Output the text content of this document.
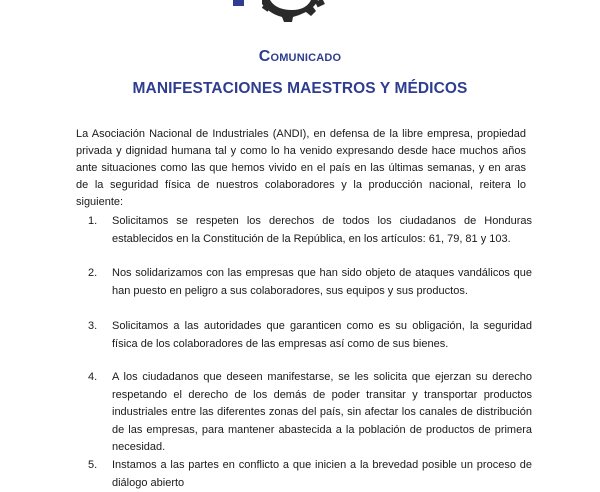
Comunicado
MANIFESTACIONES MAESTROS Y MÉDICOS
La Asociación Nacional de Industriales (ANDI), en defensa de la libre empresa, propiedad privada y dignidad humana tal y como lo ha venido expresando desde hace muchos años ante situaciones como las que hemos vivido en el país en las últimas semanas, y en aras de la seguridad física de nuestros colaboradores y la producción nacional, reitera lo siguiente:
1. Solicitamos se respeten los derechos de todos los ciudadanos de Honduras establecidos en la Constitución de la República, en los artículos: 61, 79, 81 y 103.
2. Nos solidarizamos con las empresas que han sido objeto de ataques vandálicos que han puesto en peligro a sus colaboradores, sus equipos y sus productos.
3. Solicitamos a las autoridades que garanticen como es su obligación, la seguridad física de los colaboradores de las empresas así como de sus bienes.
4. A los ciudadanos que deseen manifestarse, se les solicita que ejerzan su derecho respetando el derecho de los demás de poder transitar y transportar productos industriales entre las diferentes zonas del país, sin afectar los canales de distribución de las empresas, para mantener abastecida a la población de productos de primera necesidad.
5. Instamos a las partes en conflicto a que inicien a la brevedad posible un proceso de diálogo abierto
